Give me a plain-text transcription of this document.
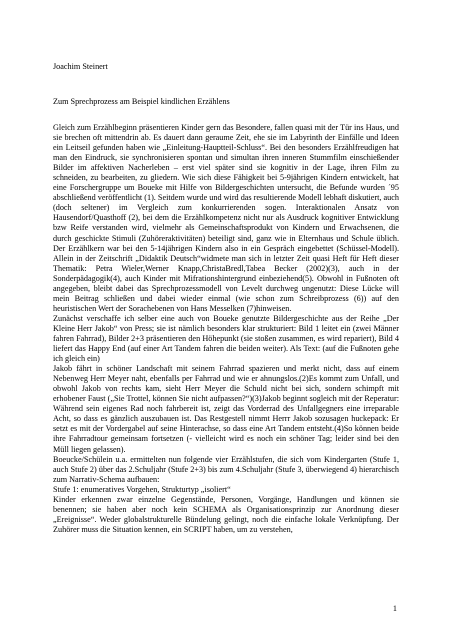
Joachim Steinert
Zum Sprechprozess am Beispiel kindlichen Erzählens

Gleich zum Erzählbeginn präsentieren Kinder gern das Besondere, fallen quasi mit der Tür ins Haus, und sie brechen oft mittendrin ab. Es dauert dann geraume Zeit, ehe sie im Labyrinth der Einfälle und Ideen ein Leitseil gefunden haben wie „Einleitung-Hauptteil-Schluss“. Bei den besonders Erzählfreudigen hat man den Eindruck, sie synchronisieren spontan und simultan ihren inneren Stummfilm einschießender Bilder im affektiven Nacherleben – erst viel später sind sie kognitiv in der Lage, ihren Film zu schneiden, zu bearbeiten, zu gliedern. Wie sich diese Fähigkeit bei 5-9jährigen Kindern entwickelt, hat eine Forschergruppe um Boueke mit Hilfe von Bildergeschichten untersucht, die Befunde wurden ´95 abschließend veröffentlicht (1). Seitdem wurde und wird das resultierende Modell lebhaft diskutiert, auch (doch seltener) im Vergleich zum konkurrierenden sogen. Interaktionalen Ansatz von Hausendorf/Quasthoff (2), bei dem die Erzählkompetenz nicht nur als Ausdruck kognitiver Entwicklung bzw Reife verstanden wird, vielmehr als Gemeinschaftsprodukt von Kindern und Erwachsenen, die durch geschickte Stimuli (Zuhöreraktivitäten) beteiligt sind, ganz wie in Elternhaus und Schule üblich. Der Erzählkern war bei den 5-14jährigen Kindern also in ein Gespräch eingebettet (Schüssel-Modell). Allein in der Zeitschrift „Didaktik Deutsch“widmete man sich in letzter Zeit quasi Heft für Heft dieser Thematik: Petra Wieler,Werner Knapp,ChristaBredl,Tabea Becker (2002)(3), auch in der Sonderpädagogik(4), auch Kinder mit Mifrationshintergrund einbeziehend(5). Obwohl in Fußnoten oft angegeben, bleibt dabei das Sprechprozessmodell von Levelt durchweg ungenutzt: Diese Lücke will mein Beitrag schließen und dabei wieder einmal (wie schon zum Schreibprozess (6)) auf den heuristischen Wert der Sorachebenen von Hans Messelken (7)hinweisen.

Zunächst verschaffe ich selber eine auch von Boueke genutzte Bildergeschichte aus der Reihe „Der Kleine Herr Jakob“ von Press; sie ist nämlich besonders klar strukturiert: Bild 1 leitet ein (zwei Männer fahren Fahrrad), Bilder 2+3 präsentieren den Höhepunkt (sie stoßen zusammen, es wird repariert), Bild 4 liefert das Happy End (auf einer Art Tandem fahren die beiden weiter). Als Text: (auf die Fußnoten gehe ich gleich ein)

Jakob fährt in schöner Landschaft mit seinem Fahrrad spazieren und merkt nicht, dass auf einem Nebenweg Herr Meyer naht, ebenfalls per Fahrrad und wie er ahnungslos.(2)Es kommt zum Unfall, und obwohl Jakob von rechts kam, sieht Herr Meyer die Schuld nicht bei sich, sondern schimpft mit erhobener Faust („Sie Trottel, können Sie nicht aufpassen?“)(3)Jakob beginnt sogleich mit der Reperatur: Während sein eigenes Rad noch fahrbereit ist, zeigt das Vorderrad des Unfallgegners eine irreparable Acht, so dass es gänzlich auszubauen ist. Das Restgestell nimmt Herrr Jakob sozusagen huckepack: Er setzt es mit der Vordergabel auf seine Hinterachse, so dass eine Art Tandem entsteht.(4)So können beide ihre Fahrradtour gemeinsam fortsetzen (- vielleicht wird es noch ein schöner Tag; leider sind bei den Müll liegen gelassen).

Boeucke/Schülein u.a. ermittelten nun folgende vier Erzählstufen, die sich vom Kindergarten (Stufe 1, auch Stufe 2) über das 2.Schuljahr (Stufe 2+3) bis zum 4.Schuljahr (Stufe 3, überwiegend 4) hierarchisch zum Narrativ-Schema aufbauen:

Stufe 1: enumeratives Vorgehen, Strukturtyp „isoliert“

Kinder erkennen zwar einzelne Gegenstände, Personen, Vorgänge, Handlungen und können sie benennen; sie haben aber noch kein SCHEMA als Organisationsprinzip zur Anordnung dieser „Ereignisse“. Weder globalstrukturelle Bündelung gelingt, noch die einfache lokale Verknüpfung. Der Zuhörer muss die Situation kennen, ein SCRIPT haben, um zu verstehen,

1
